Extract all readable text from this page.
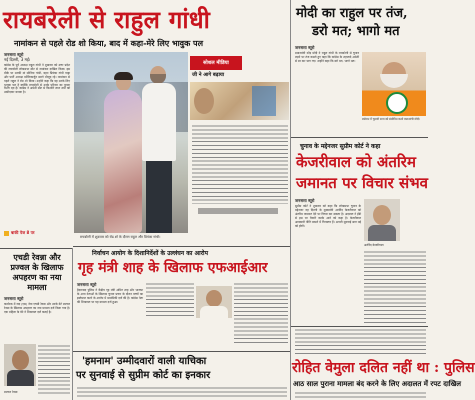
रायबरेली से राहुल गांधी
नामांकन से पहले रोड शो किया, बाद में कहा-मेरे लिए भावुक पल
जनसत्ता ब्यूरो
नई दिल्ली, 3 मई।
कांग्रेस के पूर्व अध्यक्ष राहुल गांधी ने शुक्रवार को उत्तर प्रदेश की रायबरेली लोकसभा सीट से नामांकन दाखिल किया। इस मौके पर उनकी मां सोनिया गांधी, बहन प्रियंका गांधी वाड्रा और पार्टी अध्यक्ष मल्लिकार्जुन खरगे मौजूद रहे। नामांकन से पहले राहुल ने रोड शो किया। उन्होंने कहा कि यह उनके लिए भावुक पल है क्योंकि रायबरेली से उनके परिवार का पुराना रिश्ता रहा है। कांग्रेस ने अमेठी सीट से किशोरी लाल शर्मा को उम्मीदवार बनाया है।
बाकी पेज 8 पर
रायबरेली में शुक्रवार को रोड शो के दौरान राहुल और प्रियंका गांधी।
सोशल मीडिया
जी ने आगे बढ़ाया
मोदी का राहुल पर तंज,
डरो मत; भागो मत
जनसत्ता ब्यूरो
प्रधानमंत्री नरेंद्र मोदी ने राहुल गांधी के रायबरेली से चुनाव लड़ने पर तंज कसते हुए कहा कि कांग्रेस के शहजादे अमेठी से डर कर भाग गए। उन्होंने कहा कि डरो मत, भागो मत।
बर्धमान में चुनावी सभा को संबोधित करते प्रधानमंत्री मोदी।
चुनाव के मद्देनजर सुप्रीम कोर्ट ने कहा
केजरीवाल को अंतरिम
जमानत पर विचार संभव
जनसत्ता ब्यूरो
सुप्रीम कोर्ट ने शुक्रवार को कहा कि लोकसभा चुनाव के मद्देनजर वह दिल्ली के मुख्यमंत्री अरविंद केजरीवाल को अंतरिम जमानत देने पर विचार कर सकता है। अदालत ने ईडी से इस पर तैयारी करके आने को कहा है। केजरीवाल आबकारी नीति मामले में गिरफ्तार हैं। अगली सुनवाई सात मई को होगी।
अरविंद केजरीवाल
एचडी रेवन्ना और प्रज्वल के खिलाफ अपहरण का नया मामला
जनसत्ता ब्यूरो
कर्नाटक में जद (एस) नेता एचडी रेवन्ना और उनके बेटे प्रज्वल रेवन्ना के खिलाफ अपहरण का नया मामला दर्ज किया गया है। एक महिला के बेटे ने शिकायत दर्ज कराई है।
प्रज्वल रेवन्ना
निर्वाचन आयोग के दिशानिर्देशों के उल्लंघन का आरोप
गृह मंत्री शाह के खिलाफ एफआईआर
जनसत्ता ब्यूरो
हैदराबाद पुलिस ने केंद्रीय गृह मंत्री अमित शाह और भाजपा के अन्य नेताओं के खिलाफ चुनाव प्रचार के दौरान बच्चों का इस्तेमाल करने के आरोप में प्राथमिकी दर्ज की है। कांग्रेस नेता की शिकायत पर यह मामला दर्ज हुआ।
'हमनाम' उम्मीदवारों वाली याचिका
पर सुनवाई से सुप्रीम कोर्ट का इनकार	रोहित वेमुला दलित नहीं था : पुलिस
आठ साल पुराना मामला बंद करने के लिए अदालत में रपट दाखिल
